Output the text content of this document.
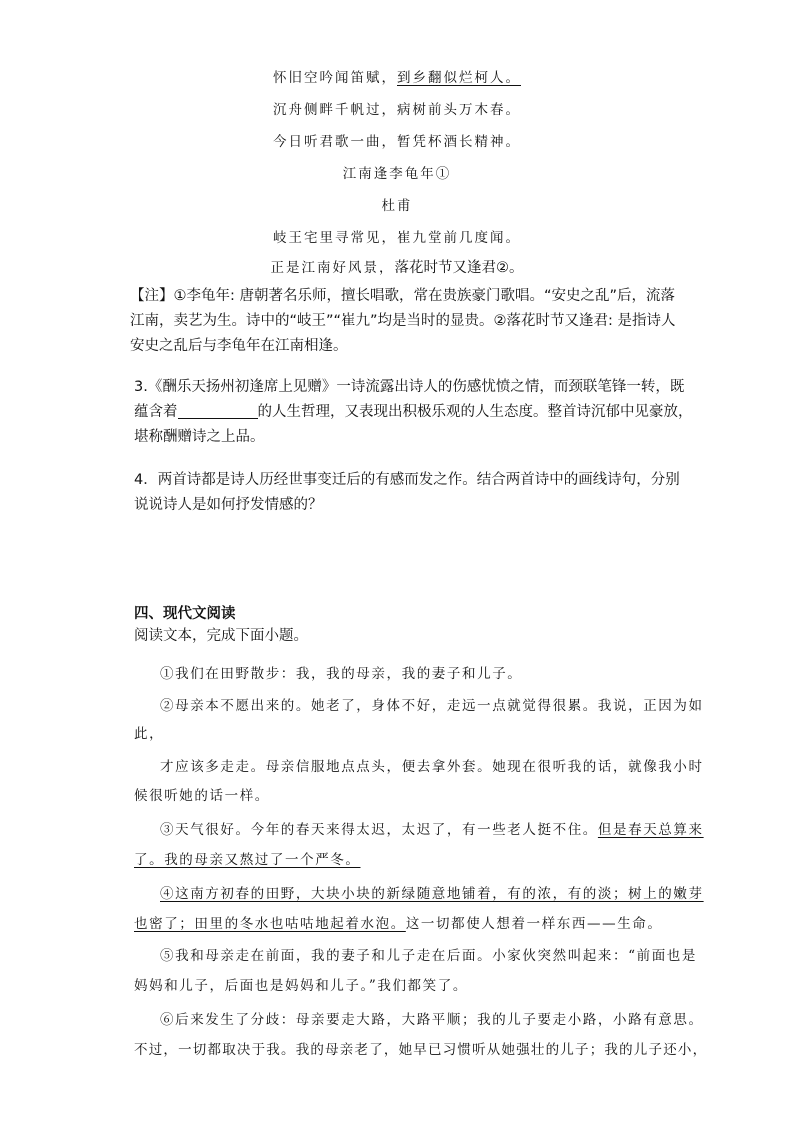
怀旧空吟闻笛赋，到乡翻似烂柯人。
沉舟侧畔千帆过，病树前头万木春。
今日听君歌一曲，暂凭杯酒长精神。
江南逢李龟年①
杜甫
岐王宅里寻常见，崔九堂前几度闻。
正是江南好风景，落花时节又逢君②。
【注】①李龟年: 唐朝著名乐师，擅长唱歌，常在贵族豪门歌唱。“安史之乱”后，流落
江南，卖艺为生。诗中的“岐王”“崔九”均是当时的显贵。②落花时节又逢君: 是指诗人
安史之乱后与李龟年在江南相逢。
3.《酬乐天扬州初逢席上见赠》一诗流露出诗人的伤感忧愤之情，而颈联笔锋一转，既
蕴含着	的人生哲理，又表现出积极乐观的人生态度。整首诗沉郁中见豪放，
堪称酬赠诗之上品。
4．两首诗都是诗人历经世事变迁后的有感而发之作。结合两首诗中的画线诗句，分别
说说诗人是如何抒发情感的？
四、现代文阅读
阅读文本，完成下面小题。
①我们在田野散步：我，我的母亲，我的妻子和儿子。
②母亲本不愿出来的。她老了，身体不好，走远一点就觉得很累。我说，正因为如
此，
才应该多走走。母亲信服地点点头，便去拿外套。她现在很听我的话，就像我小时
候很听她的话一样。
③天气很好。今年的春天来得太迟，太迟了，有一些老人挺不住。但是春天总算来
了。我的母亲又熬过了一个严冬。
④这南方初春的田野，大块小块的新绿随意地铺着，有的浓，有的淡；树上的嫩芽
也密了；田里的冬水也咕咕地起着水泡。这一切都使人想着一样东西——生命。
⑤我和母亲走在前面，我的妻子和儿子走在后面。小家伙突然叫起来：“前面也是
妈妈和儿子，后面也是妈妈和儿子。”我们都笑了。
⑥后来发生了分歧：母亲要走大路，大路平顺；我的儿子要走小路，小路有意思。
不过，一切都取决于我。我的母亲老了，她早已习惯听从她强壮的儿子；我的儿子还小，
